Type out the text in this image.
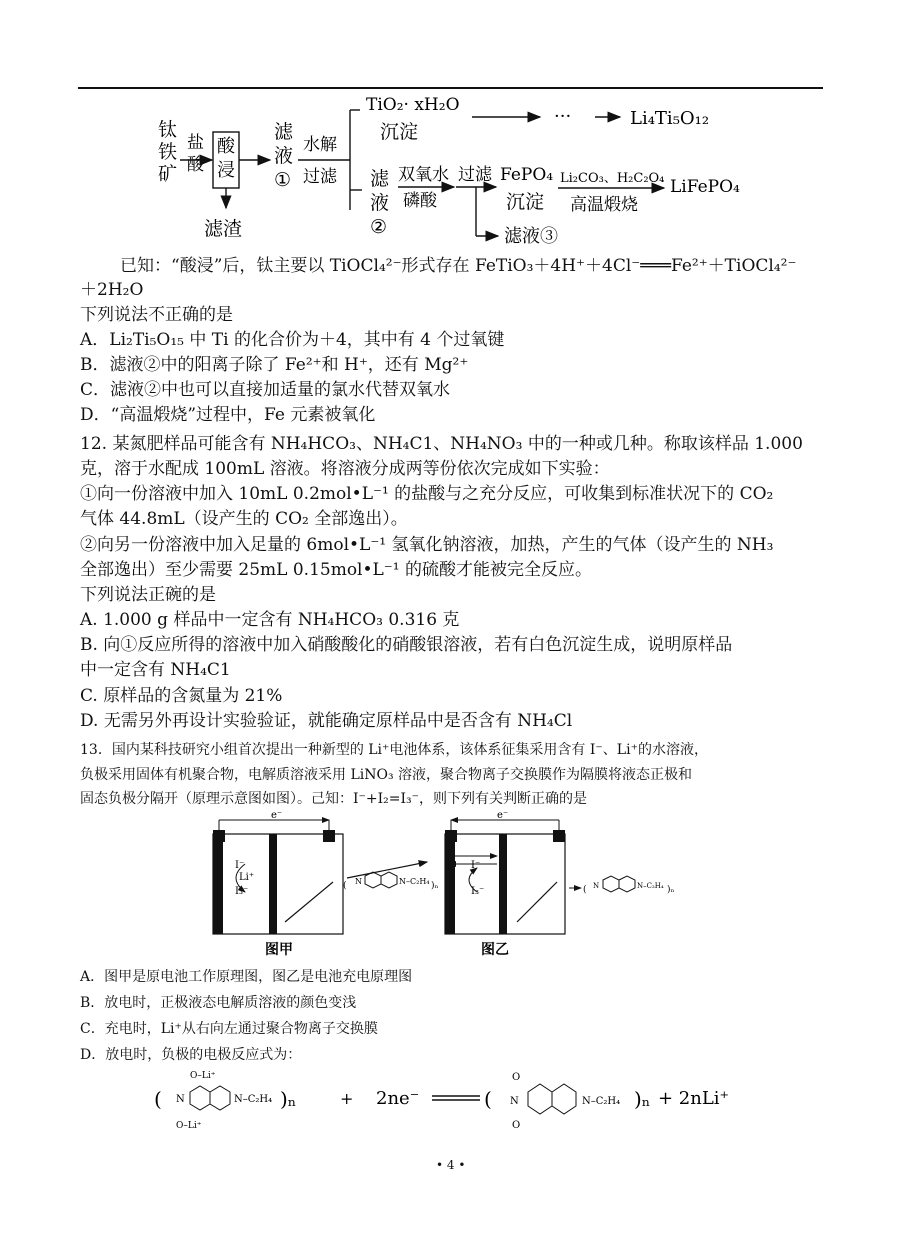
钛铁矿
盐酸
酸浸
滤渣
滤液 ①
水解
过滤
TiO₂· xH₂O
沉淀
···	Li₄Ti₅O₁₂
滤液 ②
双氧水
磷酸
过滤
滤液③
FePO₄
沉淀
Li₂CO₃、H₂C₂O₄
高温煅烧
LiFePO₄
已知：“酸浸”后，钛主要以 TiOCl₄²⁻形式存在 FeTiO₃＋4H⁺＋4Cl⁻═══Fe²⁺＋TiOCl₄²⁻
＋2H₂O
下列说法不正确的是
A．Li₂Ti₅O₁₅ 中 Ti 的化合价为＋4，其中有 4 个过氧键
B．滤液②中的阳离子除了 Fe²⁺和 H⁺，还有 Mg²⁺
C．滤液②中也可以直接加适量的氯水代替双氧水
D．“高温煅烧”过程中，Fe 元素被氧化
12. 某氮肥样品可能含有 NH₄HCO₃、NH₄C1、NH₄NO₃ 中的一种或几种。称取该样品 1.000
克，溶于水配成 100mL 溶液。将溶液分成两等份依次完成如下实验：
①向一份溶液中加入 10mL 0.2mol•L⁻¹ 的盐酸与之充分反应，可收集到标准状况下的 CO₂
气体 44.8mL（设产生的 CO₂ 全部逸出）。
②向另一份溶液中加入足量的 6mol•L⁻¹ 氢氧化钠溶液，加热，产生的气体（设产生的 NH₃
全部逸出）至少需要 25mL 0.15mol•L⁻¹ 的硫酸才能被完全反应。
下列说法正碗的是
A. 1.000 g 样品中一定含有 NH₄HCO₃ 0.316 克
B. 向①反应所得的溶液中加入硝酸酸化的硝酸银溶液，若有白色沉淀生成，说明原样品
中一定含有 NH₄C1
C. 原样品的含氮量为 21%
D. 无需另外再设计实验验证，就能确定原样品中是否含有 NH₄Cl
13．国内某科技研究小组首次提出一种新型的 Li⁺电池体系，该体系征集采用含有 I⁻、Li⁺的水溶液，
负极采用固体有机聚合物，电解质溶液采用 LiNO₃ 溶液，聚合物离子交换膜作为隔膜将液态正极和
固态负极分隔开（原理示意图如图）。己知：I⁻+I₂=I₃⁻，则下列有关判断正确的是
e⁻
I⁻
Li⁺
I₃⁻	( N	N–C₂H₄ )ₙ
e⁻
I⁻
I₃⁻	( N	N–C₂H₄ )ₙ
图甲	图乙
A．图甲是原电池工作原理图，图乙是电池充电原理图
B．放电时，正极液态电解质溶液的颜色变浅
C．充电时，Li⁺从右向左通过聚合物离子交换膜
D．放电时，负极的电极反应式为：
( N	N–C₂H₄
O–Li⁺
O–Li⁺
)ₙ	+ 2ne⁻	( N	N–C₂H₄
O
O
)ₙ + 2nLi⁺
• 4 •
